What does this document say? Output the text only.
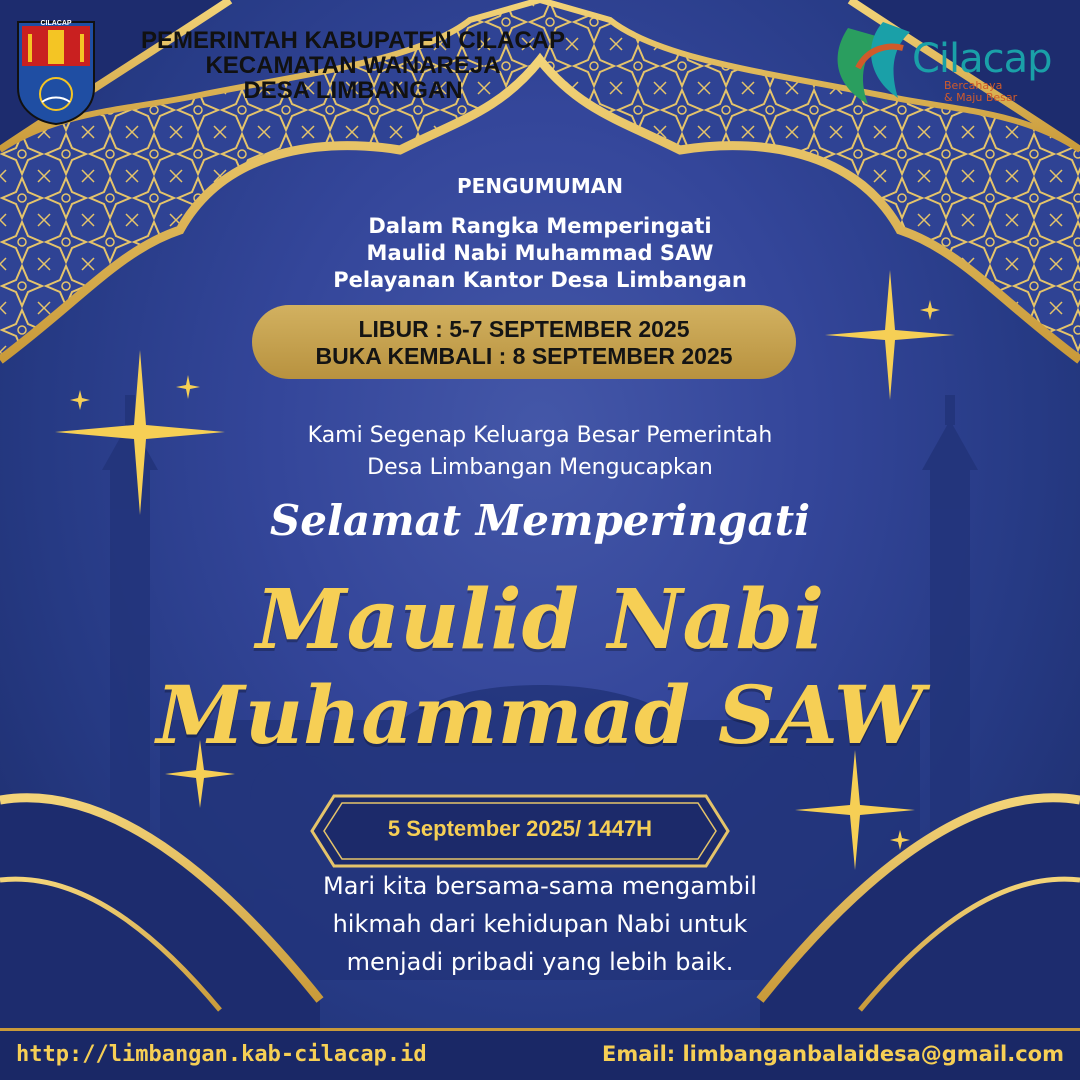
CILACAP
Cilacap
Bercahaya
& Maju Besar
PEMERINTAH KABUPATEN CILACAP
KECAMATAN WANAREJA
DESA LIMBANGAN
PENGUMUMAN
Dalam Rangka Memperingati
Maulid Nabi Muhammad SAW
Pelayanan Kantor Desa Limbangan
LIBUR : 5-7 SEPTEMBER 2025
BUKA KEMBALI : 8 SEPTEMBER 2025
Kami Segenap Keluarga Besar Pemerintah
Desa Limbangan Mengucapkan
Selamat Memperingati
Maulid Nabi
Muhammad SAW
5 September 2025/ 1447H
Mari kita bersama-sama mengambil
hikmah dari kehidupan Nabi untuk
menjadi pribadi yang lebih baik.
http://limbangan.kab-cilacap.id	Email: limbanganbalaidesa@gmail.com
